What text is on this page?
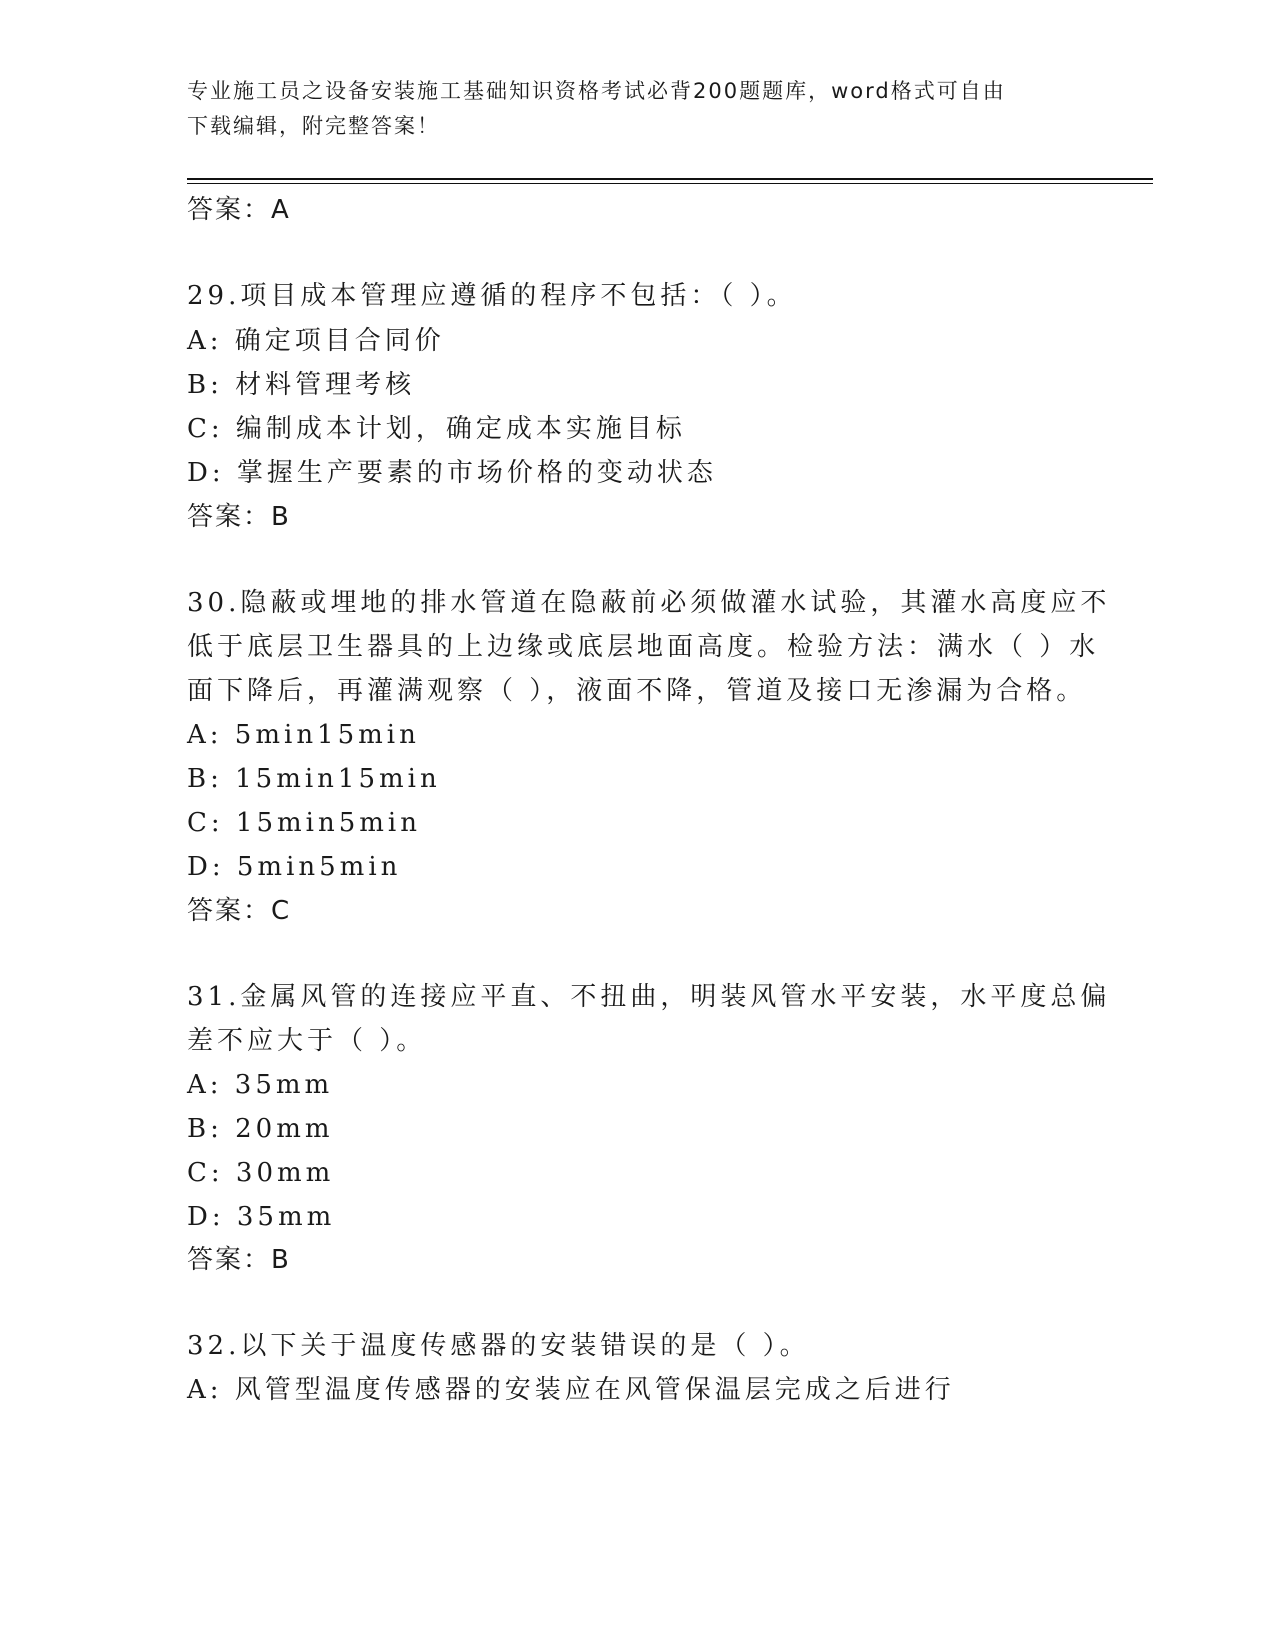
专业施工员之设备安装施工基础知识资格考试必背200题题库，word格式可自由
下载编辑，附完整答案！
答案：A
29.项目成本管理应遵循的程序不包括：（ ）。
A: 确定项目合同价
B: 材料管理考核
C: 编制成本计划，确定成本实施目标
D: 掌握生产要素的市场价格的变动状态
答案：B
30.隐蔽或埋地的排水管道在隐蔽前必须做灌水试验，其灌水高度应不
低于底层卫生器具的上边缘或底层地面高度。检验方法：满水（ ）水
面下降后，再灌满观察（ ），液面不降，管道及接口无渗漏为合格。
A: 5min15min
B: 15min15min
C: 15min5min
D: 5min5min
答案：C
31.金属风管的连接应平直、不扭曲，明装风管水平安装，水平度总偏
差不应大于（ ）。
A: 35mm
B: 20mm
C: 30mm
D: 35mm
答案：B
32.以下关于温度传感器的安装错误的是（ ）。
A: 风管型温度传感器的安装应在风管保温层完成之后进行
